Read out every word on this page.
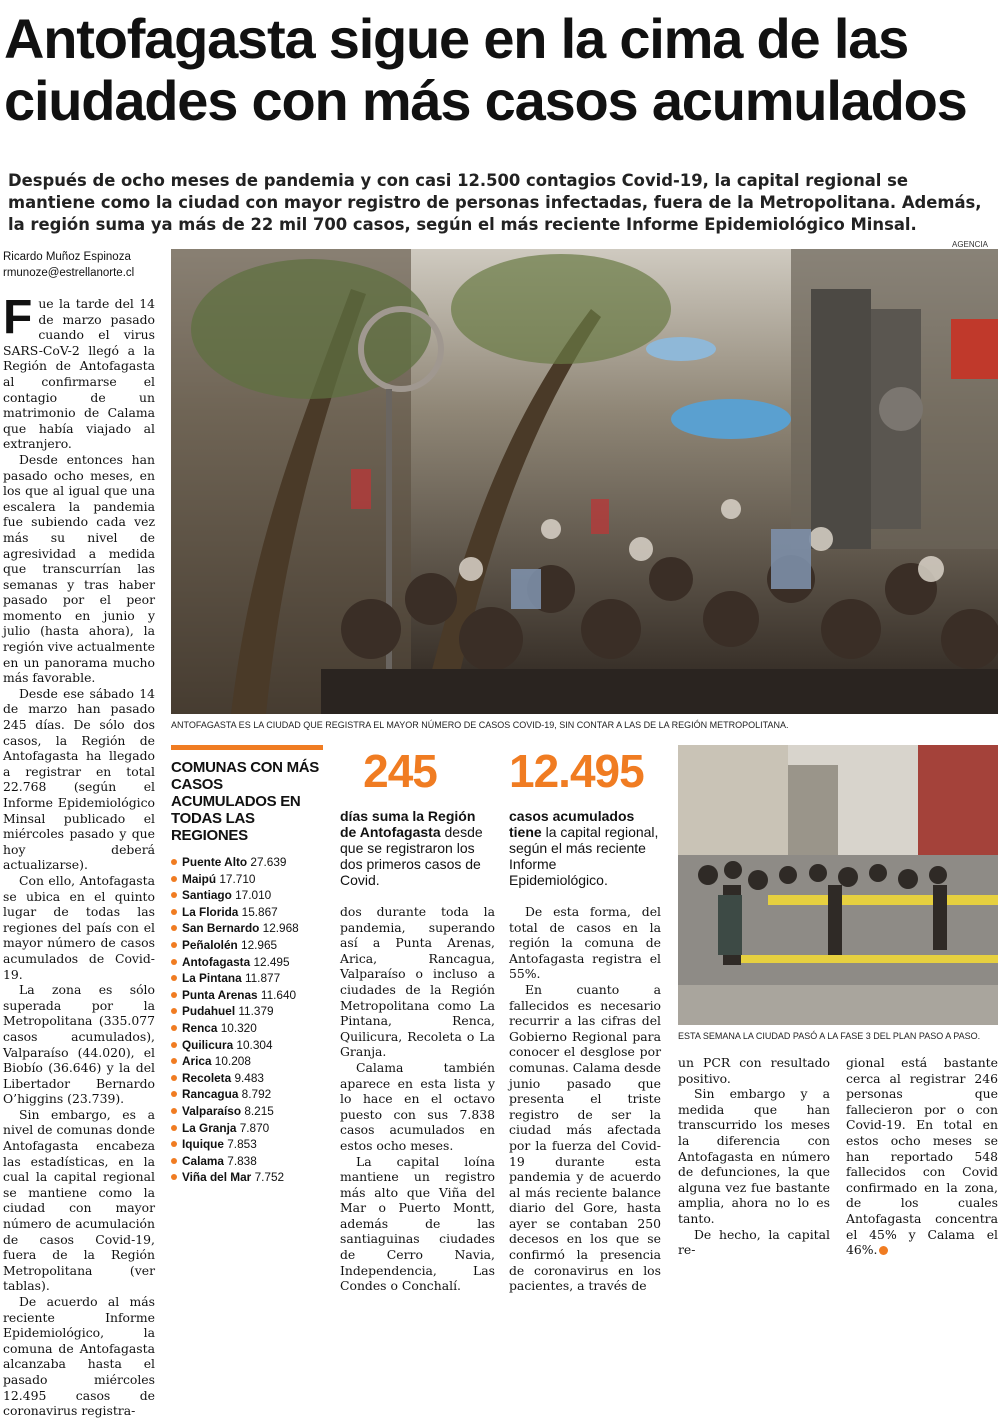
Antofagasta sigue en la cima de las ciudades con más casos acumulados

Después de ocho meses de pandemia y con casi 12.500 contagios Covid-19, la capital regional se mantiene como la ciudad con mayor registro de personas infectadas, fuera de la Metropolitana. Además, la región suma ya más de 22 mil 700 casos, según el más reciente Informe Epidemiológico Minsal.

Ricardo Muñoz Espinoza
rmunoze@estrellanorte.cl
AGENCIA
ANTOFAGASTA ES LA CIUDAD QUE REGISTRA EL MAYOR NÚMERO DE CASOS COVID-19, SIN CONTAR A LAS DE LA REGIÓN METROPOLITANA.

Fue la tarde del 14 de marzo pasado cuando el virus SARS-CoV-2 llegó a la Región de Antofagasta al confirmarse el contagio de un matrimonio de Calama que había viajado al extranjero.

Desde entonces han pasado ocho meses, en los que al igual que una escalera la pandemia fue subiendo cada vez más su nivel de agresividad a medida que transcurrían las semanas y tras haber pasado por el peor momento en junio y julio (hasta ahora), la región vive actualmente en un panorama mucho más favorable.

Desde ese sábado 14 de marzo han pasado 245 días. De sólo dos casos, la Región de Antofagasta ha llegado a registrar en total 22.768 (según el Informe Epidemiológico Minsal publicado el miércoles pasado y que hoy deberá actualizarse).

Con ello, Antofagasta se ubica en el quinto lugar de todas las regiones del país con el mayor número de casos acumulados de Covid-19.

La zona es sólo superada por la Metropolitana (335.077 casos acumulados), Valparaíso (44.020), el Biobío (36.646) y la del Libertador Bernardo O’higgins (23.739).

Sin embargo, es a nivel de comunas donde Antofagasta encabeza las estadísticas, en la cual la capital regional se mantiene como la ciudad con mayor número de acumulación de casos Covid-19, fuera de la Región Metropolitana (ver tablas).

De acuerdo al más reciente Informe Epidemiológico, la comuna de Antofagasta alcanzaba hasta el pasado miércoles 12.495 casos de coronavirus registra-

COMUNAS CON MÁS CASOS ACUMULADOS EN TODAS LAS REGIONES
Puente Alto 27.639
Maipú 17.710
Santiago 17.010
La Florida 15.867
San Bernardo 12.968
Peñalolén 12.965
Antofagasta 12.495
La Pintana 11.877
Punta Arenas 11.640
Pudahuel 11.379
Renca 10.320
Quilicura 10.304
Arica 10.208
Recoleta 9.483
Rancagua 8.792
Valparaíso 8.215
La Granja 7.870
Iquique 7.853
Calama 7.838
Viña del Mar 7.752
245
días suma la Región de Antofagasta desde que se registraron los dos primeros casos de Covid.
12.495
casos acumulados tiene la capital regional, según el más reciente Informe Epidemiológico.

dos durante toda la pandemia, superando así a Punta Arenas, Arica, Rancagua, Valparaíso o incluso a ciudades de la Región Metropolitana como La Pintana, Renca, Quilicura, Recoleta o La Granja.

Calama también aparece en esta lista y lo hace en el octavo puesto con sus 7.838 casos acumulados en estos ocho meses.

La capital loína mantiene un registro más alto que Viña del Mar o Puerto Montt, además de las santiaguinas ciudades de Cerro Navia, Independencia, Las Condes o Conchalí.

De esta forma, del total de casos en la región la comuna de Antofagasta registra el 55%.

En cuanto a fallecidos es necesario recurrir a las cifras del Gobierno Regional para conocer el desglose por comunas. Calama desde junio pasado que presenta el triste registro de ser la ciudad más afectada por la fuerza del Covid-19 durante esta pandemia y de acuerdo al más reciente balance diario del Gore, hasta ayer se contaban 250 decesos en los que se confirmó la presencia de coronavirus en los pacientes, a través de

ESTA SEMANA LA CIUDAD PASÓ A LA FASE 3 DEL PLAN PASO A PASO.

un PCR con resultado positivo.

Sin embargo y a medida que han transcurrido los meses la diferencia con Antofagasta en número de defunciones, la que alguna vez fue bastante amplia, ahora no lo es tanto.

De hecho, la capital re-

gional está bastante cerca al registrar 246 personas que fallecieron por o con Covid-19. En total en estos ocho meses se han reportado 548 fallecidos con Covid confirmado en la zona, de los cuales Antofagasta concentra el 45% y Calama el 46%.
